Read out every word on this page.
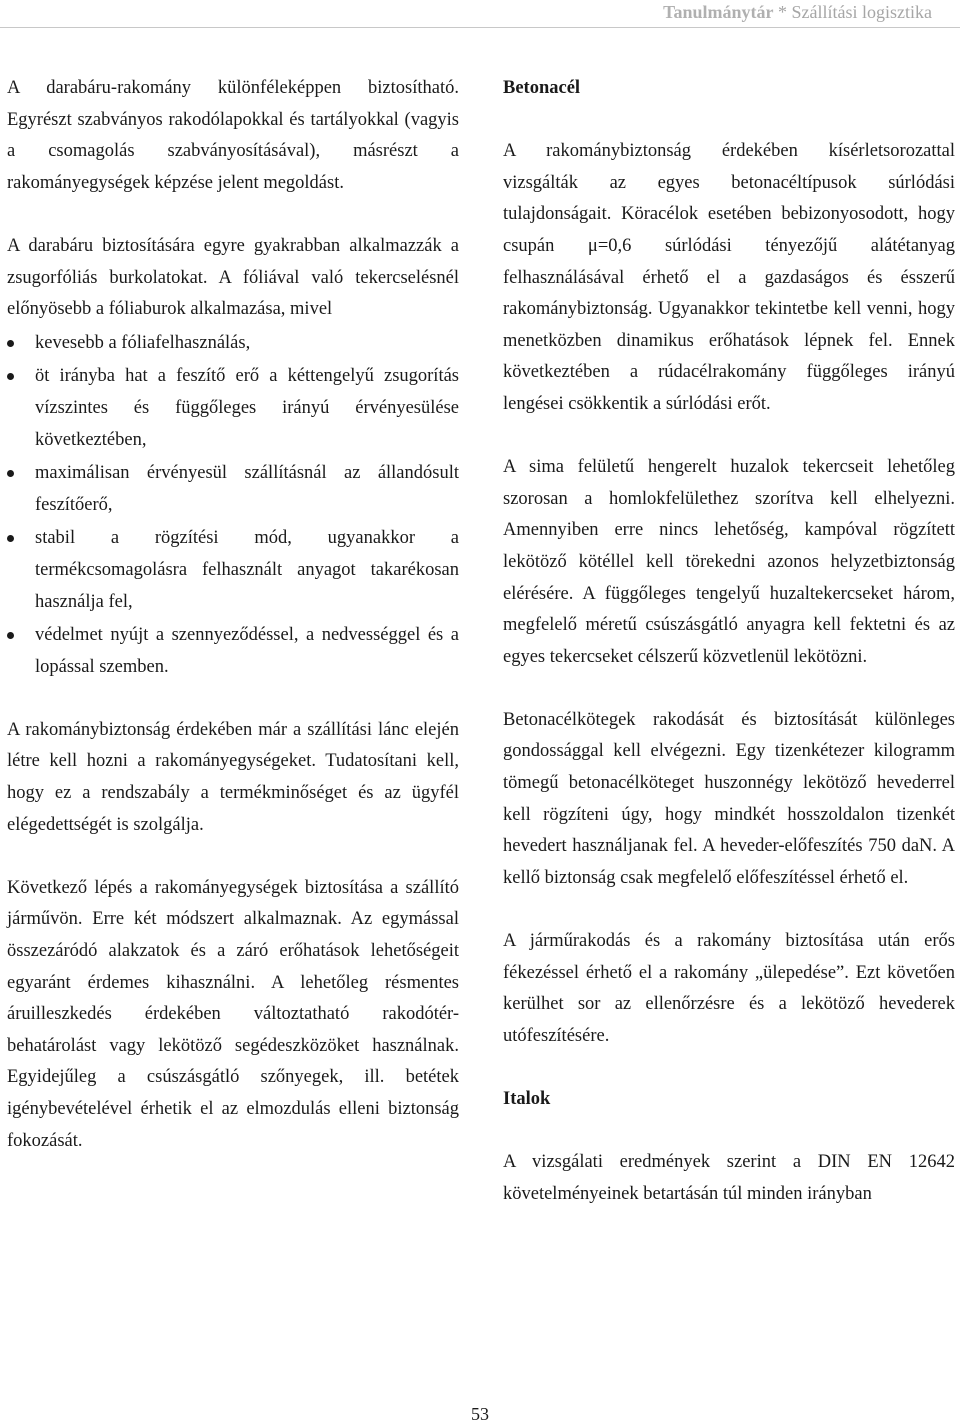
Tanulmánytár * Szállítási logisztika

A darabáru-rakomány különféleképpen biztosítható. Egyrészt szabványos rakodólapokkal és tartályokkal (vagyis a csomagolás szabványosításával), másrészt a rakományegységek képzése jelent megoldást.

A darabáru biztosítására egyre gyakrabban alkalmazzák a zsugorfóliás burkolatokat. A fóliával való tekercselésnél előnyösebb a fóliaburok alkalmazása, mivel

kevesebb a fóliafelhasználás,
öt irányba hat a feszítő erő a kéttengelyű zsugorítás vízszintes és függőleges irányú érvényesülése következtében,
maximálisan érvényesül szállításnál az állandósult feszítőerő,
stabil a rögzítési mód, ugyanakkor a termékcsomagolásra felhasznált anyagot takarékosan használja fel,
védelmet nyújt a szennyeződéssel, a nedvességgel és a lopással szemben.

A rakománybiztonság érdekében már a szállítási lánc elején létre kell hozni a rakományegységeket. Tudatosítani kell, hogy ez a rendszabály a termékminőséget és az ügyfél elégedettségét is szolgálja.

Következő lépés a rakományegységek biztosítása a szállító járművön. Erre két módszert alkalmaznak. Az egymással összezáródó alakzatok és a záró erőhatások lehetőségeit egyaránt érdemes kihasználni. A lehetőleg résmentes áruilleszkedés érdekében változtatható rakodótér-behatárolást vagy lekötöző segédeszközöket használnak. Egyidejűleg a csúszásgátló szőnyegek, ill. betétek igénybevételével érhetik el az elmozdulás elleni biztonság fokozását.

Betonacél

A rakománybiztonság érdekében kísérletsorozattal vizsgálták az egyes betonacéltípusok súrlódási tulajdonságait. Köracélok esetében bebizonyosodott, hogy csupán μ=0,6 súrlódási tényezőjű alátétanyag felhasználásával érhető el a gazdaságos és ésszerű rakománybiztonság. Ugyanakkor tekintetbe kell venni, hogy menetközben dinamikus erőhatások lépnek fel. Ennek következtében a rúdacélrakomány függőleges irányú lengései csökkentik a súrlódási erőt.

A sima felületű hengerelt huzalok tekercseit lehetőleg szorosan a homlokfelülethez szorítva kell elhelyezni. Amennyiben erre nincs lehetőség, kampóval rögzített lekötöző kötéllel kell törekedni azonos helyzetbiztonság elérésére. A függőleges tengelyű huzaltekercseket három, megfelelő méretű csúszásgátló anyagra kell fektetni és az egyes tekercseket célszerű közvetlenül lekötözni.

Betonacélkötegek rakodását és biztosítását különleges gondossággal kell elvégezni. Egy tizenkétezer kilogramm tömegű betonacélköteget huszonnégy lekötöző hevederrel kell rögzíteni úgy, hogy mindkét hosszoldalon tizenkét hevedert használjanak fel. A heveder-előfeszítés 750 daN. A kellő biztonság csak megfelelő előfeszítéssel érhető el.

A járműrakodás és a rakomány biztosítása után erős fékezéssel érhető el a rakomány „ülepedése”. Ezt követően kerülhet sor az ellenőrzésre és a lekötöző hevederek utófeszítésére.

Italok

A vizsgálati eredmények szerint a DIN EN 12642 követelményeinek betartásán túl minden irányban

53
